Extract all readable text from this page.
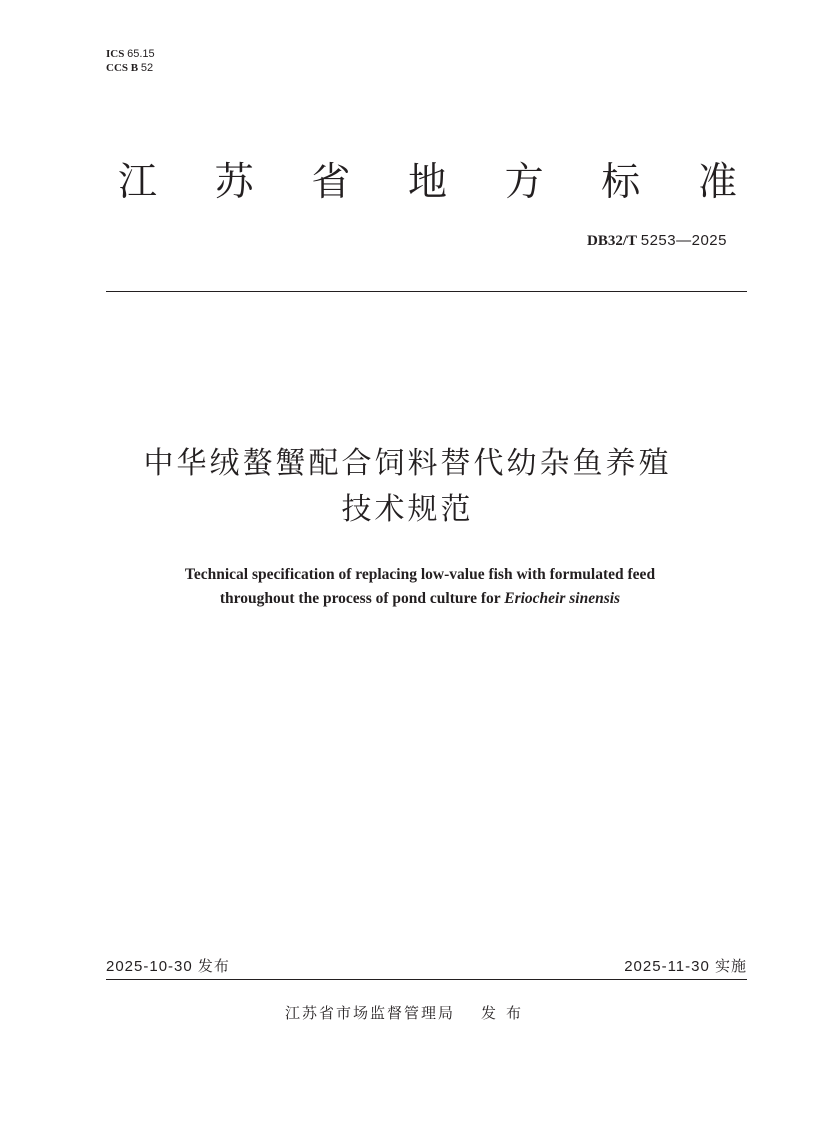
ICS 65.15
CCS B 52
江 苏 省 地 方 标 准
DB32/T 5253—2025
中华绒螯蟹配合饲料替代幼杂鱼养殖
技术规范
Technical specification of replacing low-value fish with formulated feed
throughout the process of pond culture for Eriocheir sinensis
2025-10-30 发布	2025-11-30 实施
江苏省市场监督管理局 发布
